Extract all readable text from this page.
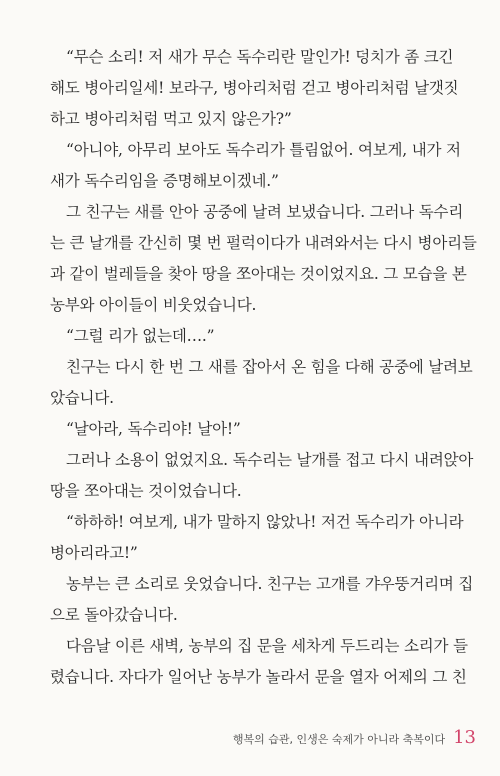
“무슨 소리! 저 새가 무슨 독수리란 말인가! 덩치가 좀 크긴
해도 병아리일세! 보라구, 병아리처럼 걷고 병아리처럼 날갯짓
하고 병아리처럼 먹고 있지 않은가?”
“아니야, 아무리 보아도 독수리가 틀림없어. 여보게, 내가 저
새가 독수리임을 증명해보이겠네.”
그 친구는 새를 안아 공중에 날려 보냈습니다. 그러나 독수리
는 큰 날개를 간신히 몇 번 펄럭이다가 내려와서는 다시 병아리들
과 같이 벌레들을 찾아 땅을 쪼아대는 것이었지요. 그 모습을 본
농부와 아이들이 비웃었습니다.
“그럴 리가 없는데….”
친구는 다시 한 번 그 새를 잡아서 온 힘을 다해 공중에 날려보
았습니다.
“날아라, 독수리야! 날아!”
그러나 소용이 없었지요. 독수리는 날개를 접고 다시 내려앉아
땅을 쪼아대는 것이었습니다.
“하하하! 여보게, 내가 말하지 않았나! 저건 독수리가 아니라
병아리라고!”
농부는 큰 소리로 웃었습니다. 친구는 고개를 갸우뚱거리며 집
으로 돌아갔습니다.
다음날 이른 새벽, 농부의 집 문을 세차게 두드리는 소리가 들
렸습니다. 자다가 일어난 농부가 놀라서 문을 열자 어제의 그 친
행복의 습관, 인생은 숙제가 아니라 축복이다 13
